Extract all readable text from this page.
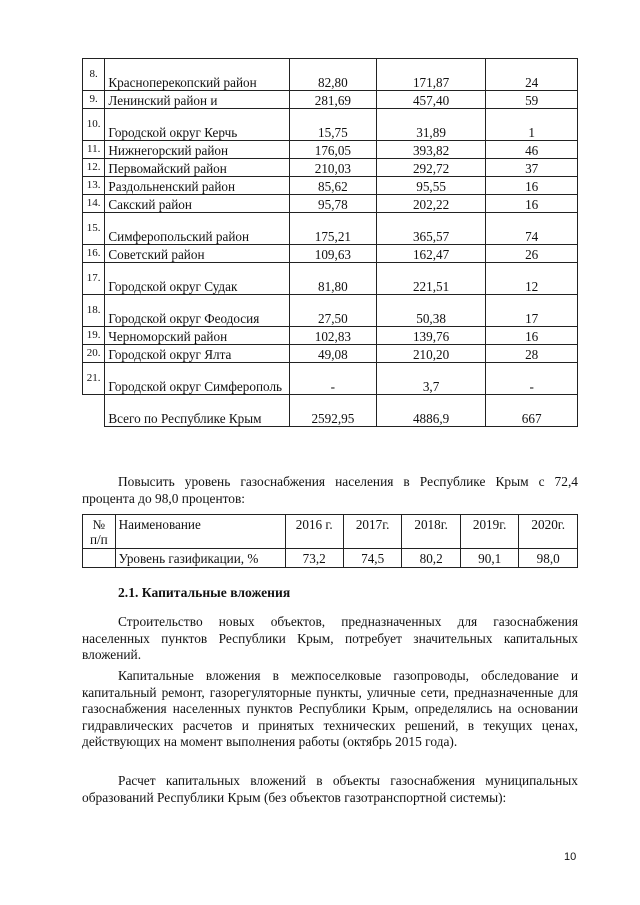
8.	Красноперекопский район	82,80	171,87	24
9.	Ленинский район и	281,69	457,40	59
10.	Городской округ Керчь	15,75	31,89	1
11.	Нижнегорский район	176,05	393,82	46
12.	Первомайский район	210,03	292,72	37
13.	Раздольненский район	85,62	95,55	16
14.	Сакский район	95,78	202,22	16
15.	Симферопольский район	175,21	365,57	74
16.	Советский район	109,63	162,47	26
17.	Городской округ Судак	81,80	221,51	12
18.	Городской округ Феодосия	27,50	50,38	17
19.	Черноморский район	102,83	139,76	16
20.	Городской округ Ялта	49,08	210,20	28
21.	Городской округ Симферополь	-	3,7	-
	Всего по Республике Крым	2592,95	4886,9	667

Повысить уровень газоснабжения населения в Республике Крым с 72,4 процента до 98,0 процентов:

№ п/п	Наименование	2016 г.	2017г.	2018г.	2019г.	2020г.

	Уровень газификации, %	73,2	74,5	80,2	90,1	98,0
2.1. Капитальные вложения

Строительство новых объектов, предназначенных для газоснабжения населенных пунктов Республики Крым, потребует значительных капитальных вложений.

Капитальные вложения в межпоселковые газопроводы, обследование и капитальный ремонт, газорегуляторные пункты, уличные сети, предназначенные для газоснабжения населенных пунктов Республики Крым, определялись на основании гидравлических расчетов и принятых технических решений, в текущих ценах, действующих на момент выполнения работы (октябрь 2015 года).

Расчет капитальных вложений в объекты газоснабжения муниципальных образований Республики Крым (без объектов газотранспортной системы):

10
